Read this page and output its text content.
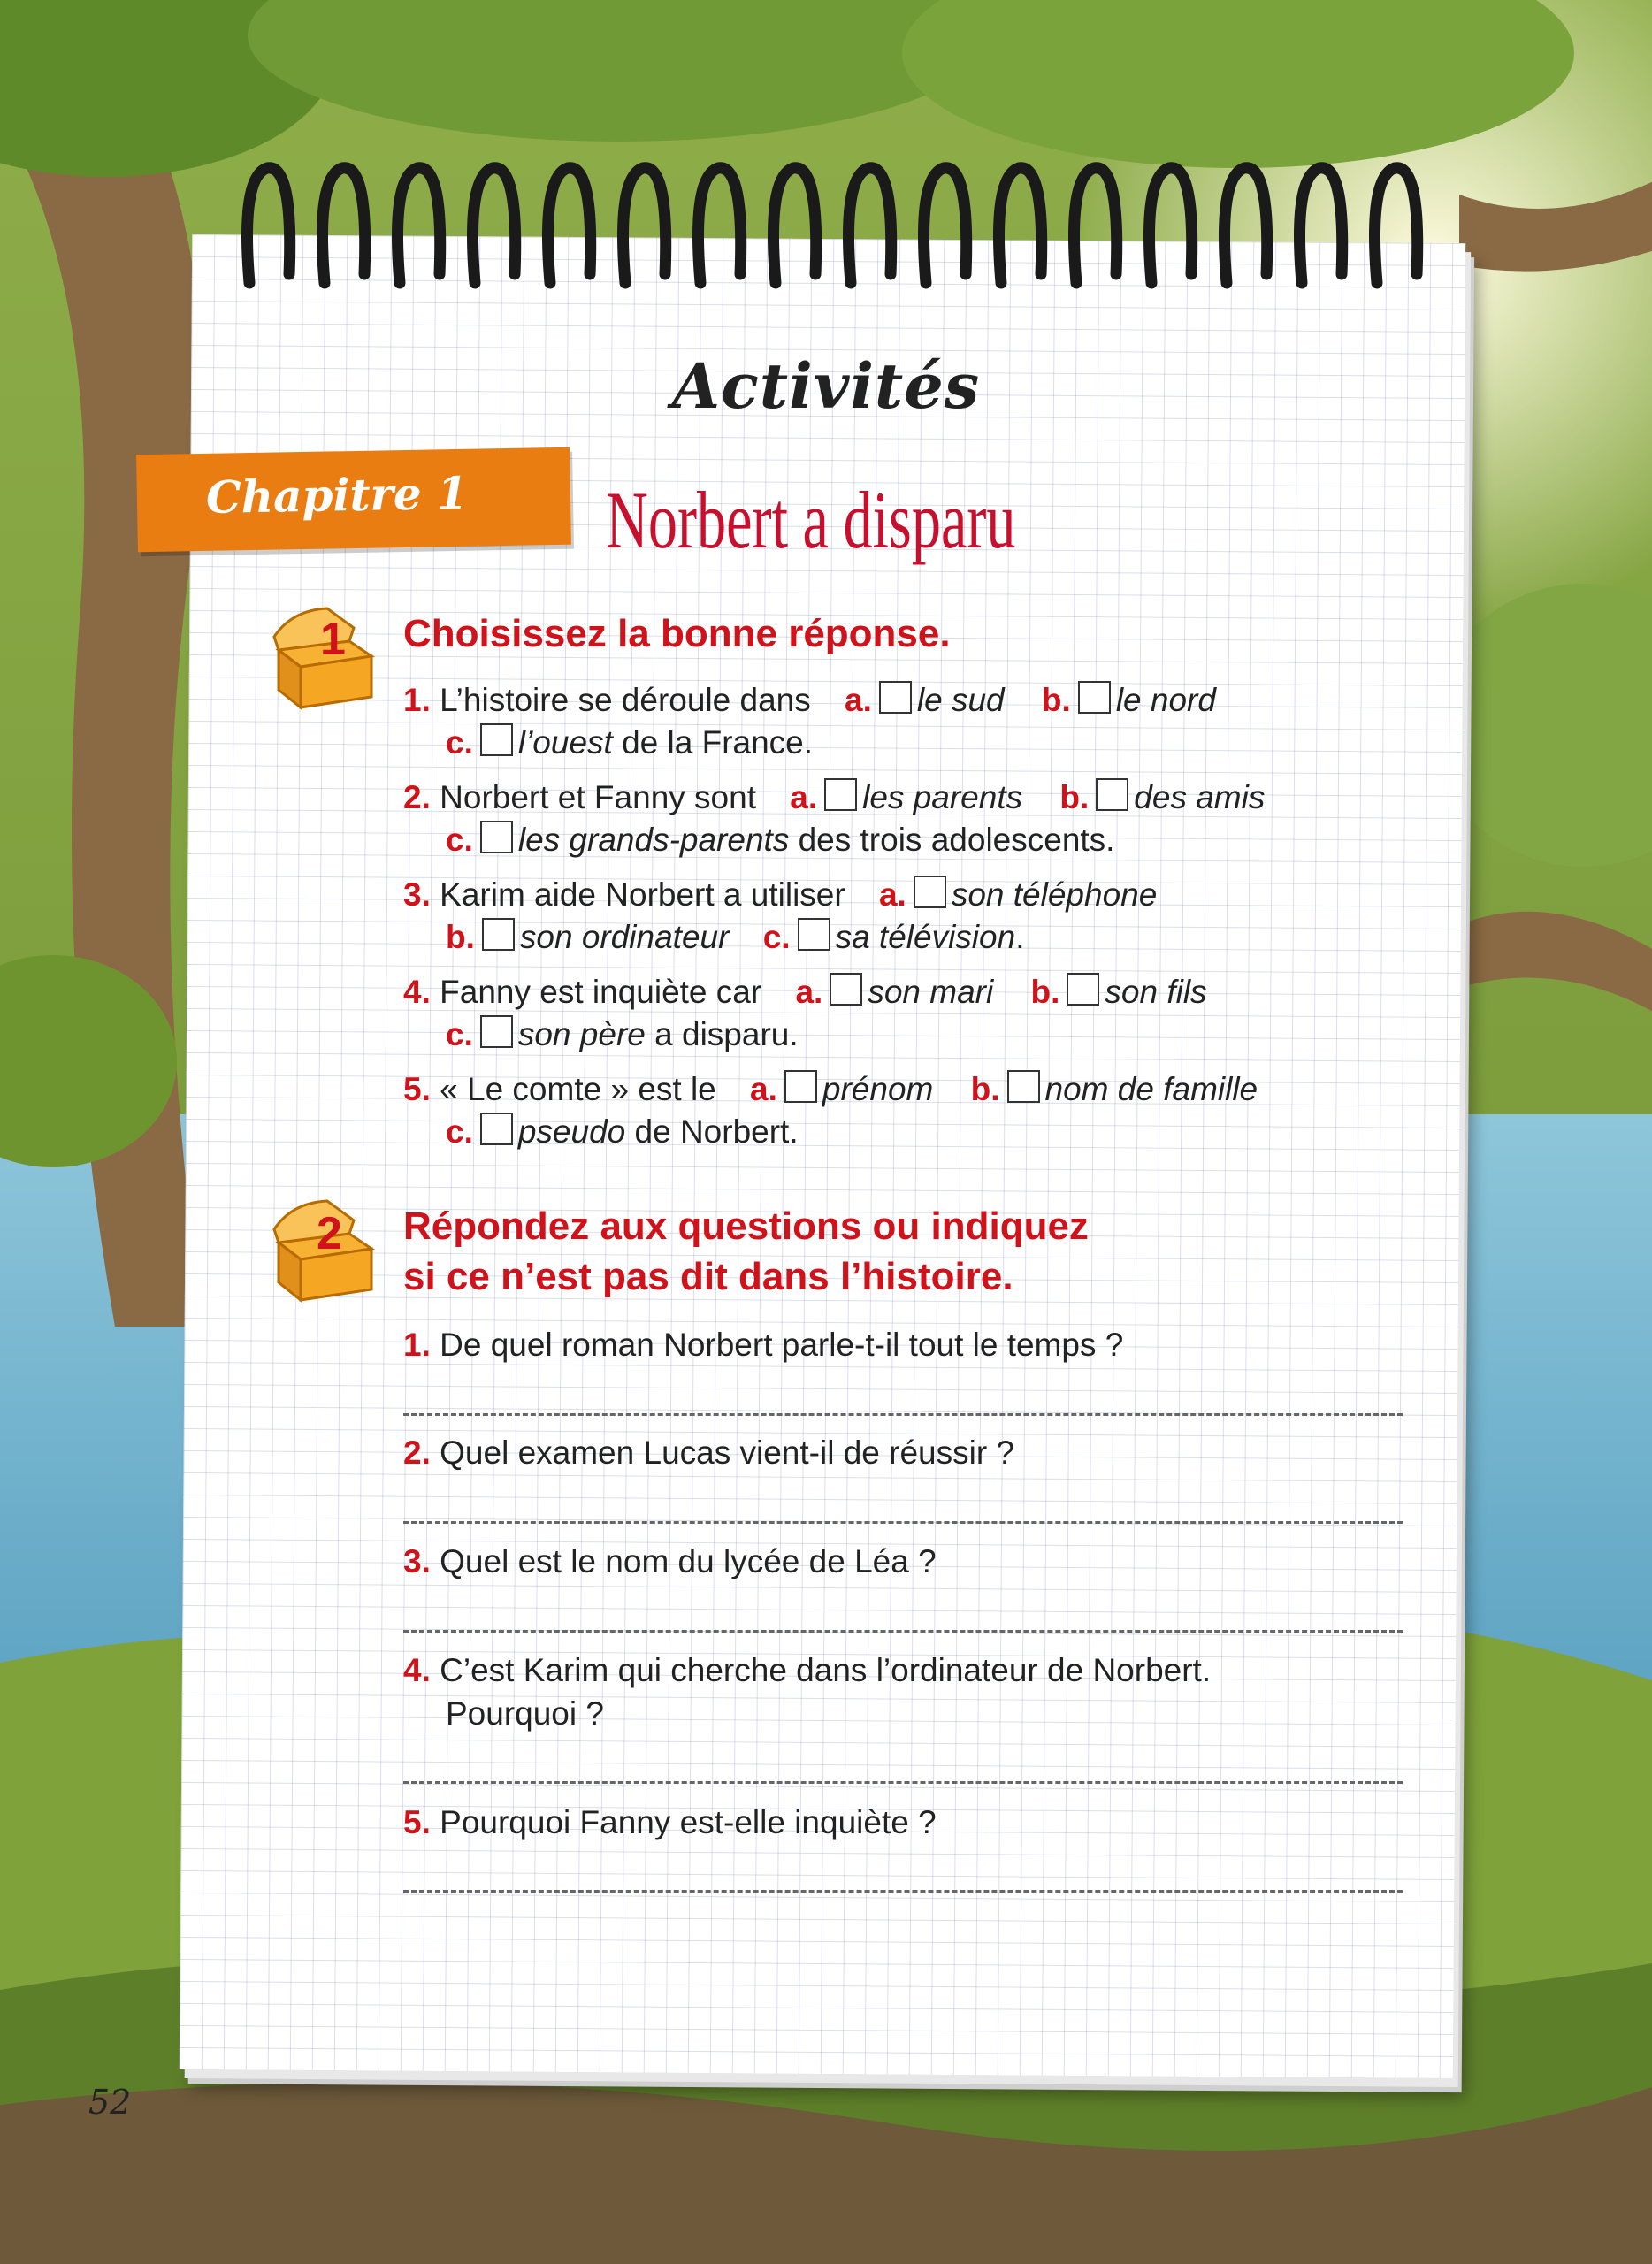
Activités
Chapitre 1 Norbert a disparu
1 Choisissez la bonne réponse.
1. L’histoire se déroule dans a. le sud b. le nord
c. l’ouest de la France.
2. Norbert et Fanny sont a. les parents b. des amis
c. les grands-parents des trois adolescents.
3. Karim aide Norbert a utiliser a. son téléphone
b. son ordinateur c. sa télévision.
4. Fanny est inquiète car a. son mari b. son fils
c. son père a disparu.
5. « Le comte » est le a. prénom b. nom de famille
c. pseudo de Norbert.
2 Répondez aux questions ou indiquez
si ce n’est pas dit dans l’histoire.
1. De quel roman Norbert parle-t-il tout le temps ?
2. Quel examen Lucas vient-il de réussir ?
3. Quel est le nom du lycée de Léa ?
4. C’est Karim qui cherche dans l’ordinateur de Norbert.
Pourquoi ?
5. Pourquoi Fanny est-elle inquiète ?
52
